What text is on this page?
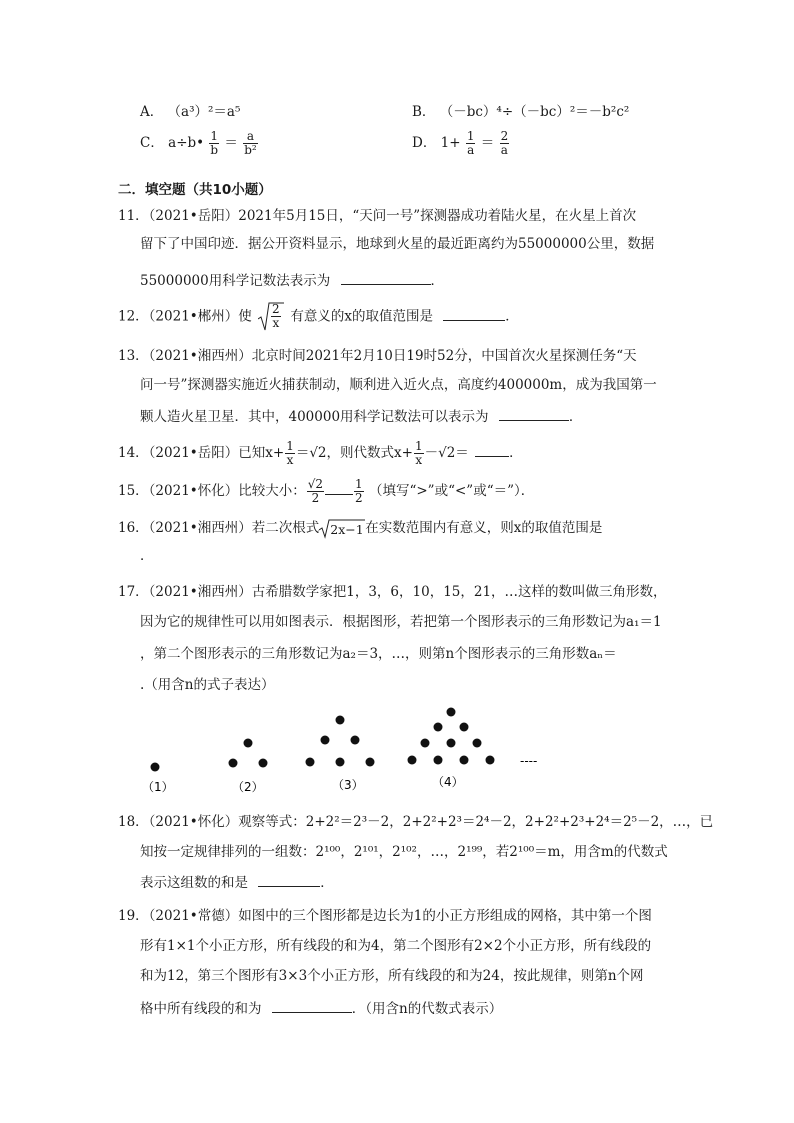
A． （a³）²＝a⁵	B． （－bc）⁴÷（－bc）²＝－b²c²
C． a÷b• $\frac{1}{b} = \frac{a}{\text{b²}}$	D． $1+ \frac{1}{a} = \frac{2}{a}$
二．填空题（共10小题）
11．（2021•岳阳）2021年5月15日，“天问一号”探测器成功着陆火星，在火星上首次
留下了中国印迹．据公开资料显示，地球到火星的最近距离约为55000000公里，数据
55000000用科学记数法表示为	．
12．（2021•郴州）使 $\frac{2}{x}$ 有意义的x的取值范围是	．
13．（2021•湘西州）北京时间2021年2月10日19时52分，中国首次火星探测任务“天
问一号”探测器实施近火捕获制动，顺利进入近火点，高度约400000m，成为我国第一
颗人造火星卫星．其中，400000用科学记数法可以表示为	．
14．（2021•岳阳）已知$x+ \frac{1}{x} =√2$，则代数式$x+ \frac{1}{x} -√2=$	．
15．（2021•怀化）比较大小： $\frac{√2}{2}$	$\frac{1}{2}$ （填写“>”或“<”或“＝”）．
16．（2021•湘西州）若二次根式 2x−1 在实数范围内有意义，则x的取值范围是
．
17．（2021•湘西州）古希腊数学家把1，3，6，10，15，21，…这样的数叫做三角形数，
因为它的规律性可以用如图表示．根据图形，若把第一个图形表示的三角形数记为a₁＝1
，第二个图形表示的三角形数记为a₂＝3，…，则第n个图形表示的三角形数aₙ＝
.（用含n的式子表达）
（1）	（2）	（3）	（4）
----
18．（2021•怀化）观察等式：2+2²＝2³－2，2+2²+2³＝2⁴－2，2+2²+2³+2⁴＝2⁵－2，…，已
知按一定规律排列的一组数：2¹⁰⁰，2¹⁰¹，2¹⁰²，…，2¹⁹⁹，若2¹⁰⁰＝m，用含m的代数式
表示这组数的和是	．
19．（2021•常德）如图中的三个图形都是边长为1的小正方形组成的网格，其中第一个图
形有1×1个小正方形，所有线段的和为4，第二个图形有2×2个小正方形，所有线段的
和为12，第三个图形有3×3个小正方形，所有线段的和为24，按此规律，则第n个网
格中所有线段的和为	．（用含n的代数式表示）
